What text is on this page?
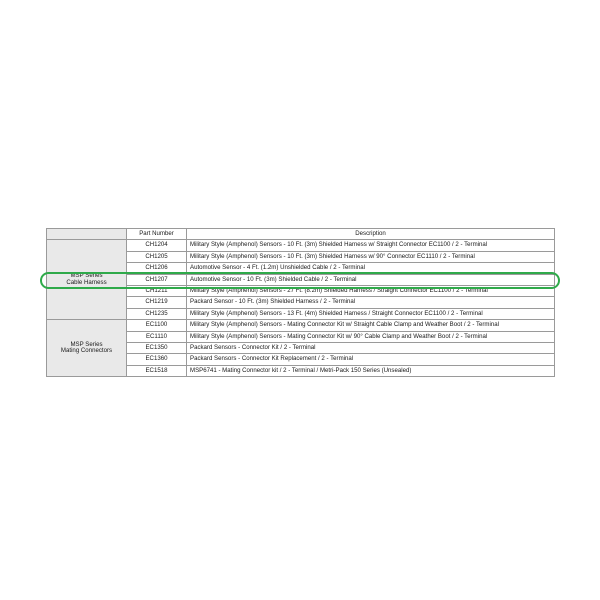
	Part Number	Description
MSP Series
Cable Harness	CH1204	Military Style (Amphenol) Sensors - 10 Ft. (3m) Shielded Harness w/ Straight Connector EC1100 / 2 - Terminal
	CH1205	Military Style (Amphenol) Sensors - 10 Ft. (3m) Shielded Harness w/ 90° Connector EC1110 / 2 - Terminal
	CH1206	Automotive Sensor - 4 Ft. (1.2m) Unshielded Cable / 2 - Terminal
	CH1207	Automotive Sensor - 10 Ft. (3m) Shielded Cable / 2 - Terminal
	CH1211	Military Style (Amphenol) Sensors - 27 Ft. (8.2m) Shielded Harness / Straight Connector EC1100 / 2 - Terminal
	CH1219	Packard Sensor - 10 Ft. (3m) Shielded Harness / 2 - Terminal
	CH1235	Military Style (Amphenol) Sensors - 13 Ft. (4m) Shielded Harness / Straight Connector EC1100 / 2 - Terminal
MSP Series
Mating Connectors	EC1100	Military Style (Amphenol) Sensors - Mating Connector Kit w/ Straight Cable Clamp and Weather Boot / 2 - Terminal
	EC1110	Military Style (Amphenol) Sensors - Mating Connector Kit w/ 90° Cable Clamp and Weather Boot / 2 - Terminal
	EC1350	Packard Sensors - Connector Kit / 2 - Terminal
	EC1360	Packard Sensors - Connector Kit Replacement / 2 - Terminal
	EC1518	MSP6741 - Mating Connector kit / 2 - Terminal / Metri-Pack 150 Series (Unsealed)
